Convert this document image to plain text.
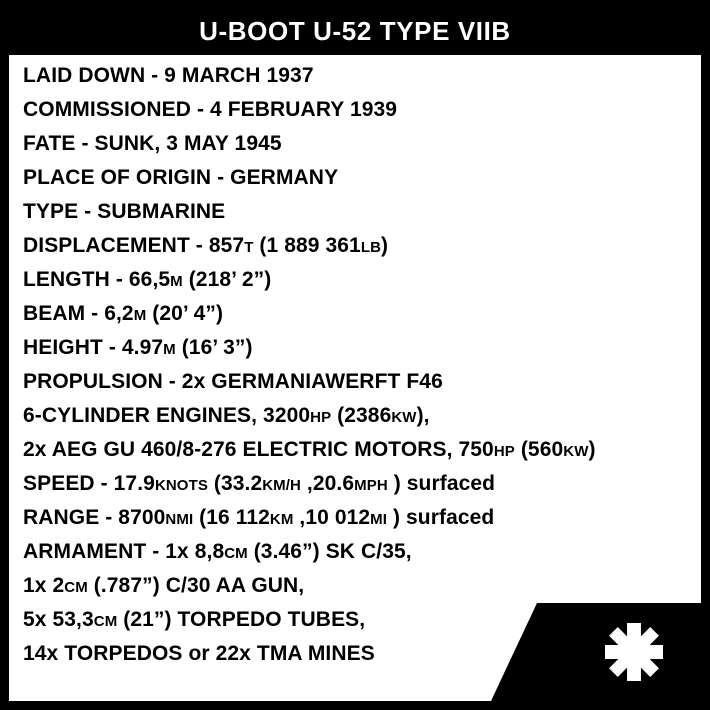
U-BOOT U-52 TYPE VIIB
LAID DOWN - 9 MARCH 1937
COMMISSIONED - 4 FEBRUARY 1939
FATE - SUNK, 3 MAY 1945
PLACE OF ORIGIN - GERMANY
TYPE - SUBMARINE
DISPLACEMENT - 857T (1 889 361LB)
LENGTH - 66,5M (218’ 2”)
BEAM - 6,2M (20’ 4”)
HEIGHT - 4.97M (16’ 3”)
PROPULSION - 2x GERMANIAWERFT F46
6-CYLINDER ENGINES, 3200HP (2386KW),
2x AEG GU 460/8-276 ELECTRIC MOTORS, 750HP (560KW)
SPEED - 17.9KNOTS (33.2KM/H ,20.6MPH ) surfaced
RANGE - 8700NMI (16 112KM ,10 012MI ) surfaced
ARMAMENT - 1x 8,8CM (3.46”) SK C/35,
1x 2CM (.787”) C/30 AA GUN,
5x 53,3CM (21”) TORPEDO TUBES,
14x TORPEDOS or 22x TMA MINES
